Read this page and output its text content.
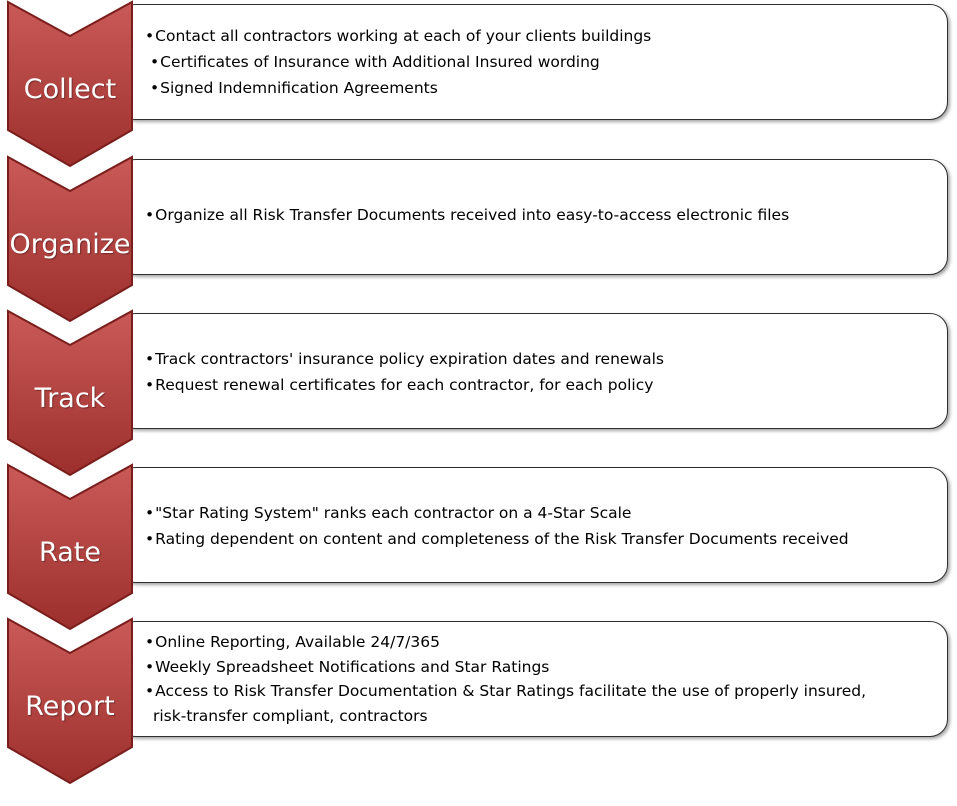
•Contact all contractors working at each of your clients buildings
•Certificates of Insurance with Additional Insured wording
•Signed Indemnification Agreements
Collect
•Organize all Risk Transfer Documents received into easy-to-access electronic files
Organize
•Track contractors' insurance policy expiration dates and renewals
•Request renewal certificates for each contractor, for each policy
Track
•"Star Rating System" ranks each contractor on a 4-Star Scale
•Rating dependent on content and completeness of the Risk Transfer Documents received
Rate
•Online Reporting, Available 24/7/365
•Weekly Spreadsheet Notifications and Star Ratings
•Access to Risk Transfer Documentation & Star Ratings facilitate the use of properly insured,
risk-transfer compliant, contractors
Report
